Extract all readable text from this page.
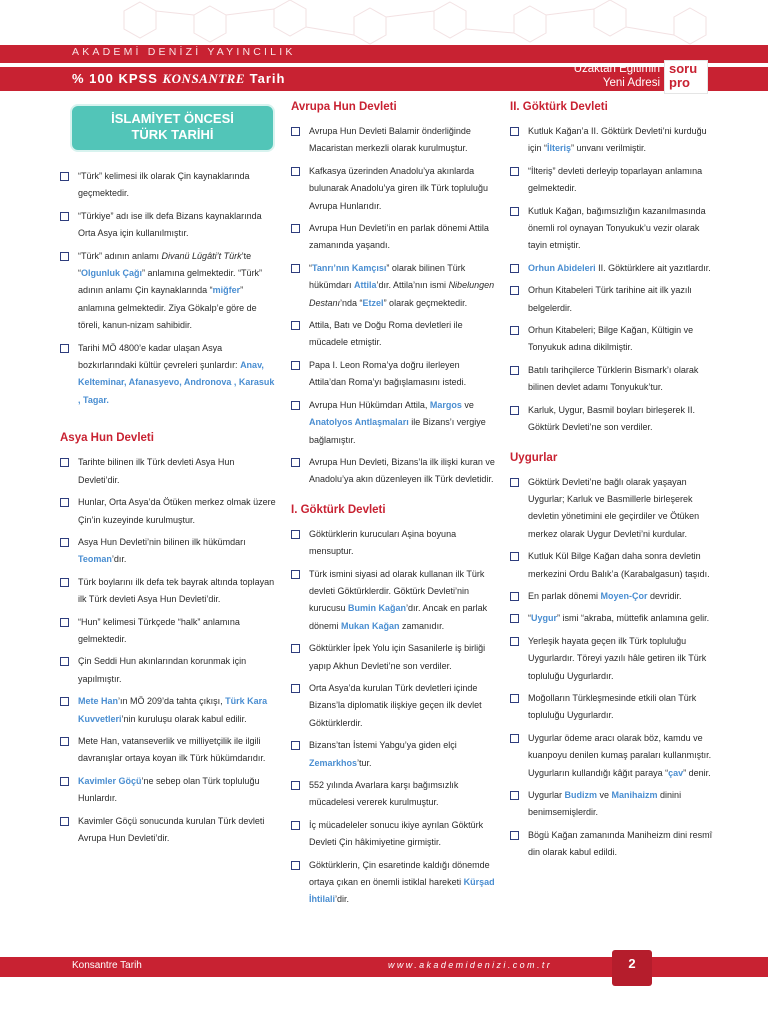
AKADEMİ DENİZİ YAYINCILIK
% 100 KPSS KONSANTRE Tarih
Uzaktan Eğitimin
Yeni Adresi
soru
pro
İSLAMİYET ÖNCESİ
TÜRK TARİHİ
“Türk” kelimesi ilk olarak Çin kaynaklarında geçmektedir.
“Türkiye” adı ise ilk defa Bizans kaynaklarında Orta Asya için kullanılmıştır.
“Türk” adının anlamı Divanü Lügâti’t Türk’te “Olgunluk Çağı” anlamına gelmektedir. “Türk” adının anlamı Çin kaynaklarında “miğfer” anlamına gelmektedir. Ziya Gökalp’e göre de töreli, kanun-nizam sahibidir.
Tarihi MÖ 4800’e kadar ulaşan Asya bozkırlarındaki kültür çevreleri şunlardır: Anav, Kelteminar, Afanasyevo, Andronova , Karasuk , Tagar.
Asya Hun Devleti
Tarihte bilinen ilk Türk devleti Asya Hun Devleti’dir.
Hunlar, Orta Asya’da Ötüken merkez olmak üzere Çin’in kuzeyinde kurulmuştur.
Asya Hun Devleti’nin bilinen ilk hükümdarı Teoman’dır.
Türk boylarını ilk defa tek bayrak altında toplayan ilk Türk devleti Asya Hun Devleti’dir.
“Hun” kelimesi Türkçede “halk” anlamına gelmektedir.
Çin Seddi Hun akınlarından korunmak için yapılmıştır.
Mete Han’ın MÖ 209’da tahta çıkışı, Türk Kara Kuvvetleri’nin kuruluşu olarak kabul edilir.
Mete Han, vatanseverlik ve milliyetçilik ile ilgili davranışlar ortaya koyan ilk Türk hükümdarıdır.
Kavimler Göçü’ne sebep olan Türk topluluğu Hunlardır.
Kavimler Göçü sonucunda kurulan Türk devleti Avrupa Hun Devleti’dir.
Avrupa Hun Devleti
Avrupa Hun Devleti Balamir önderliğinde Macaristan merkezli olarak kurulmuştur.
Kafkasya üzerinden Anadolu’ya akınlarda bulunarak Anadolu’ya giren ilk Türk topluluğu Avrupa Hunlarıdır.
Avrupa Hun Devleti’in en parlak dönemi Attila zamanında yaşandı.
“Tanrı’nın Kamçısı” olarak bilinen Türk hükümdarı Attila’dır. Attila’nın ismi Nibelungen Destanı’nda “Etzel” olarak geçmektedir.
Attila, Batı ve Doğu Roma devletleri ile mücadele etmiştir.
Papa I. Leon Roma’ya doğru ilerleyen Attila’dan Roma’yı bağışlamasını istedi.
Avrupa Hun Hükümdarı Attila, Margos ve Anatolyos Antlaşmaları ile Bizans’ı vergiye bağlamıştır.
Avrupa Hun Devleti, Bizans’la ilk ilişki kuran ve Anadolu’ya akın düzenleyen ilk Türk devletidir.
I. Göktürk Devleti
Göktürklerin kurucuları Aşina boyuna mensuptur.
Türk ismini siyasi ad olarak kullanan ilk Türk devleti Göktürklerdir. Göktürk Devleti’nin kurucusu Bumin Kağan’dır. Ancak en parlak dönemi Mukan Kağan zamanıdır.
Göktürkler İpek Yolu için Sasanilerle iş birliği yapıp Akhun Devleti’ne son verdiler.
Orta Asya’da kurulan Türk devletleri içinde Bizans’la diplomatik ilişkiye geçen ilk devlet Göktürklerdir.
Bizans’tan İstemi Yabgu’ya giden elçi Zemarkhos’tur.
552 yılında Avarlara karşı bağımsızlık mücadelesi vererek kurulmuştur.
İç mücadeleler sonucu ikiye ayrılan Göktürk Devleti Çin hâkimiyetine girmiştir.
Göktürklerin, Çin esaretinde kaldığı dönemde ortaya çıkan en önemli istiklal hareketi Kürşad İhtilali’dir.
II. Göktürk Devleti
Kutluk Kağan’a II. Göktürk Devleti’ni kurduğu için “İlteriş” unvanı verilmiştir.
“İlteriş” devleti derleyip toparlayan anlamına gelmektedir.
Kutluk Kağan, bağımsızlığın kazanılmasında önemli rol oynayan Tonyukuk’u vezir olarak tayin etmiştir.
Orhun Abideleri II. Göktürklere ait yazıtlardır.
Orhun Kitabeleri Türk tarihine ait ilk yazılı belgelerdir.
Orhun Kitabeleri; Bilge Kağan, Kültigin ve Tonyukuk adına dikilmiştir.
Batılı tarihçilerce Türklerin Bismark’ı olarak bilinen devlet adamı Tonyukuk’tur.
Karluk, Uygur, Basmil boyları birleşerek II. Göktürk Devleti’ne son verdiler.
Uygurlar
Göktürk Devleti’ne bağlı olarak yaşayan Uygurlar; Karluk ve Basmillerle birleşerek devletin yönetimini ele geçirdiler ve Ötüken merkez olarak Uygur Devleti’ni kurdular.
Kutluk Kül Bilge Kağan daha sonra devletin merkezini Ordu Balık’a (Karabalgasun) taşıdı.
En parlak dönemi Moyen-Çor devridir.
“Uygur” ismi “akraba, müttefik anlamına gelir.
Yerleşik hayata geçen ilk Türk topluluğu Uygurlardır. Töreyi yazılı hâle getiren ilk Türk topluluğu Uygurlardır.
Moğolların Türkleşmesinde etkili olan Türk topluluğu Uygurlardır.
Uygurlar ödeme aracı olarak böz, kamdu ve kuanpoyu denilen kumaş paraları kullanmıştır. Uygurların kullandığı kâğıt paraya “çav” denir.
Uygurlar Budizm ve Manihaizm dinini benimsemişlerdir.
Bögü Kağan zamanında Maniheizm dini resmî din olarak kabul edildi.
Konsantre Tarih	www.akademidenizi.com.tr	2
